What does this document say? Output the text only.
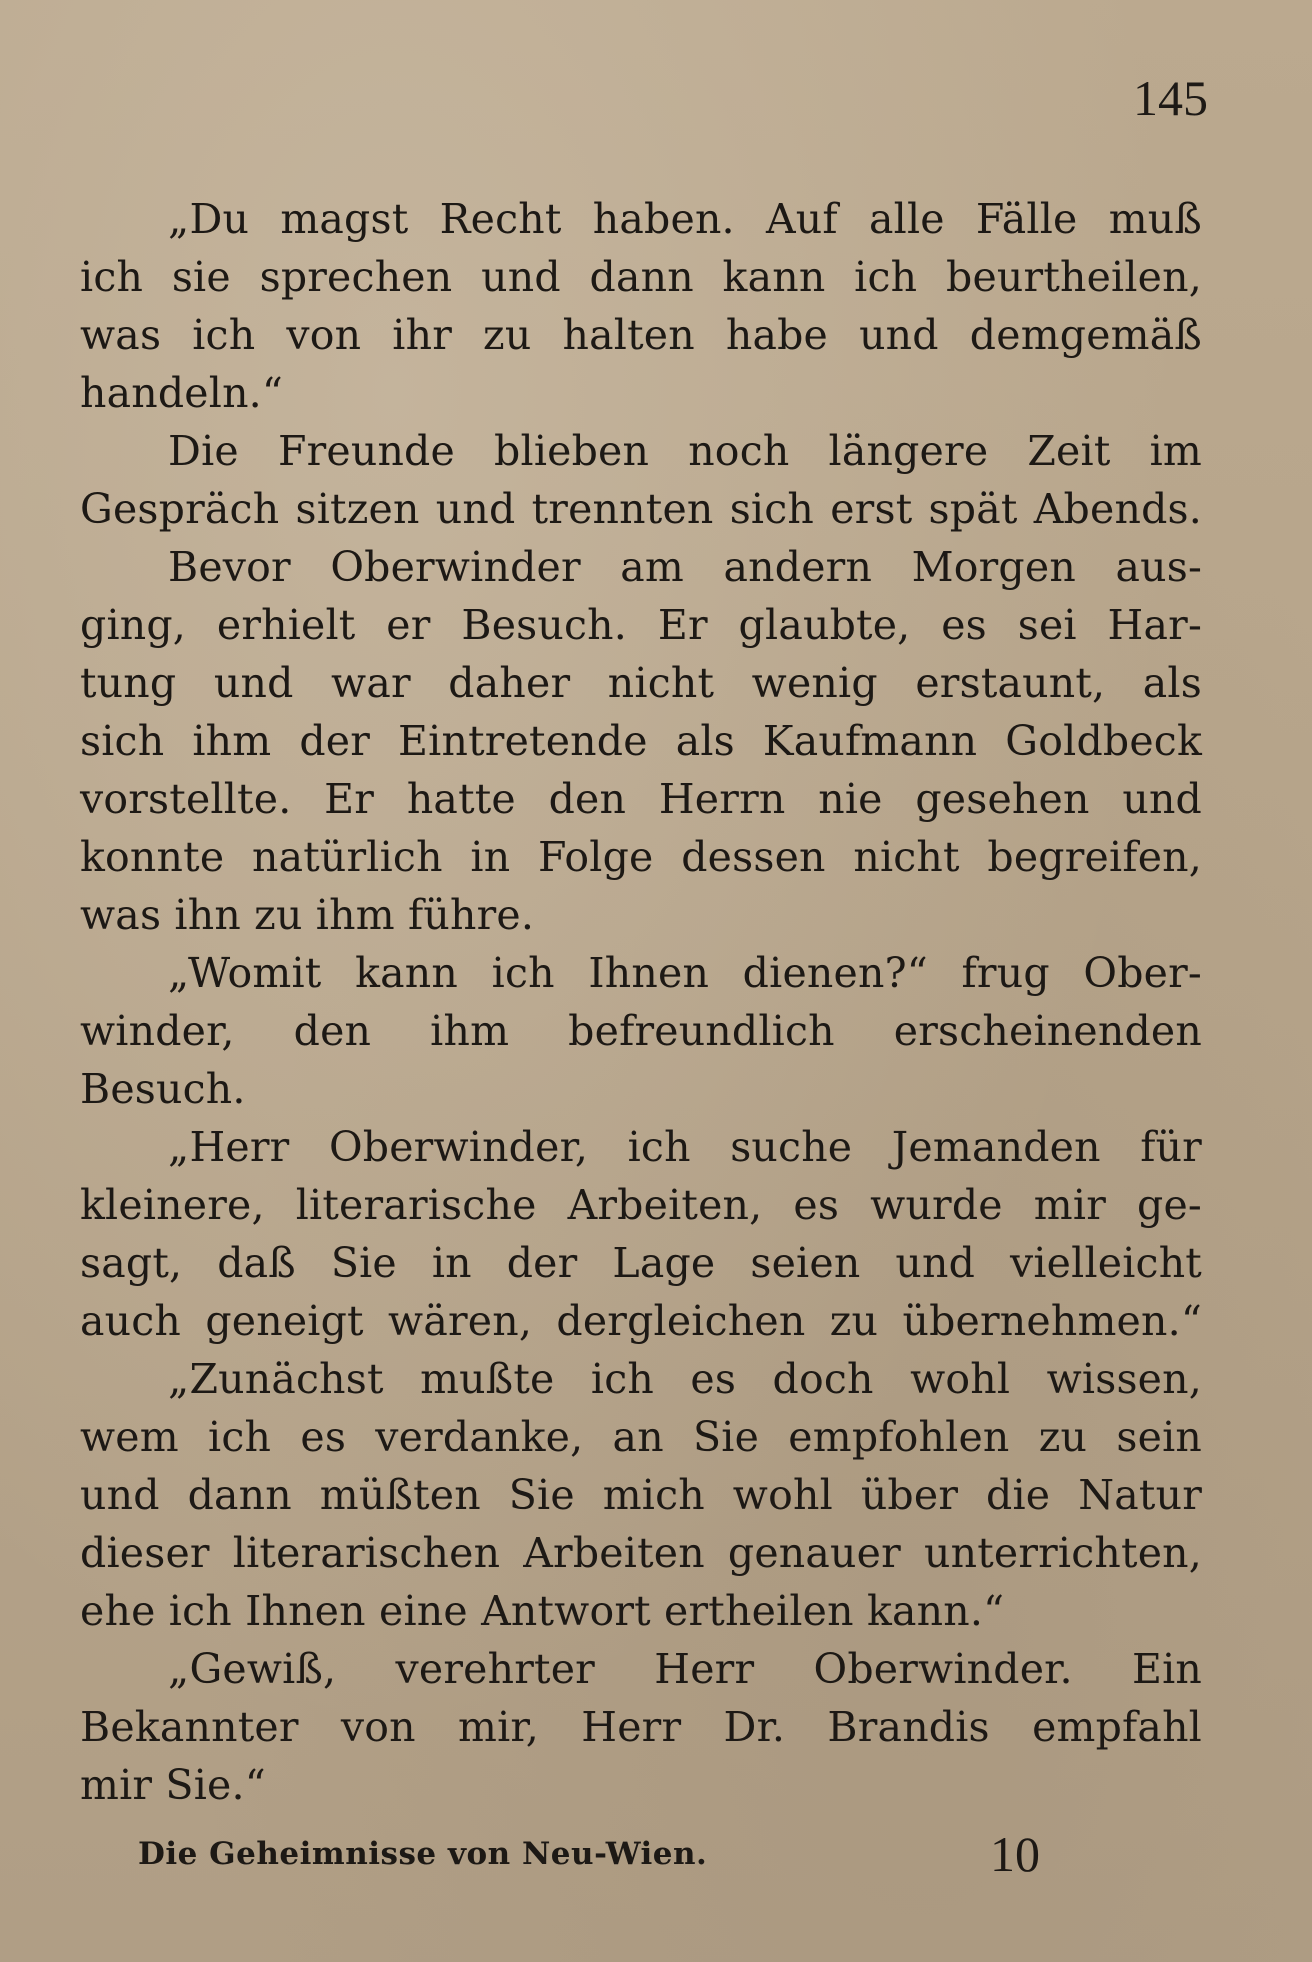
145
„Du magst Recht haben. Auf alle Fälle muß
ich sie sprechen und dann kann ich beurtheilen,
was ich von ihr zu halten habe und demgemäß
handeln.“
Die Freunde blieben noch längere Zeit im
Gespräch sitzen und trennten sich erst spät Abends.
Bevor Oberwinder am andern Morgen aus-
ging, erhielt er Besuch. Er glaubte, es sei Har-
tung und war daher nicht wenig erstaunt, als
sich ihm der Eintretende als Kaufmann Goldbeck
vorstellte. Er hatte den Herrn nie gesehen und
konnte natürlich in Folge dessen nicht begreifen,
was ihn zu ihm führe.
„Womit kann ich Ihnen dienen?“ frug Ober-
winder, den ihm befreundlich erscheinenden
Besuch.
„Herr Oberwinder, ich suche Jemanden für
kleinere, literarische Arbeiten, es wurde mir ge-
sagt, daß Sie in der Lage seien und vielleicht
auch geneigt wären, dergleichen zu übernehmen.“
„Zunächst mußte ich es doch wohl wissen,
wem ich es verdanke, an Sie empfohlen zu sein
und dann müßten Sie mich wohl über die Natur
dieser literarischen Arbeiten genauer unterrichten,
ehe ich Ihnen eine Antwort ertheilen kann.“
„Gewiß, verehrter Herr Oberwinder. Ein
Bekannter von mir, Herr Dr. Brandis empfahl
mir Sie.“
Die Geheimnisse von Neu-Wien.	10
